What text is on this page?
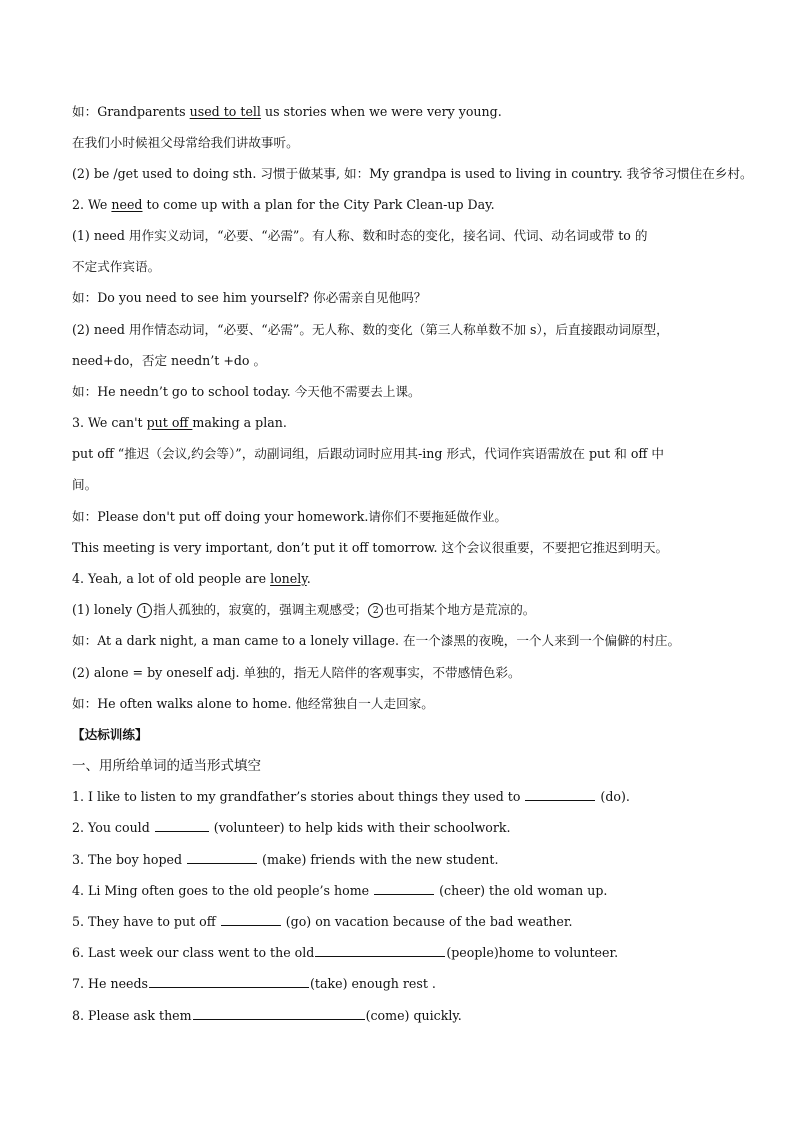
如：Grandparents used to tell us stories when we were very young.
在我们小时候祖父母常给我们讲故事听。
(2) be /get used to doing sth. 习惯于做某事, 如：My grandpa is used to living in country. 我爷爷习惯住在乡村。
2. We need to come up with a plan for the City Park Clean-up Day.
(1) need 用作实义动词，“必要、“必需”。有人称、数和时态的变化，接名词、代词、动名词或带 to 的
不定式作宾语。
如：Do you need to see him yourself? 你必需亲自见他吗？
(2) need 用作情态动词，“必要、“必需”。无人称、数的变化（第三人称单数不加 s），后直接跟动词原型，
need+do，否定 needn’t +do 。
如：He needn’t go to school today. 今天他不需要去上课。
3. We can't put off making a plan.
put off “推迟（会议,约会等）”，动副词组，后跟动词时应用其-ing 形式，代词作宾语需放在 put 和 off 中
间。
如：Please don't put off doing your homework.请你们不要拖延做作业。
This meeting is very important, don’t put it off tomorrow. 这个会议很重要，不要把它推迟到明天。
4. Yeah, a lot of old people are lonely.
(1) lonely 1 指人孤独的，寂寞的，强调主观感受； 2 也可指某个地方是荒凉的。
如：At a dark night, a man came to a lonely village. 在一个漆黑的夜晚，一个人来到一个偏僻的村庄。
(2) alone = by oneself adj. 单独的，指无人陪伴的客观事实，不带感情色彩。
如：He often walks alone to home. 他经常独自一人走回家。
【达标训练】
一、用所给单词的适当形式填空
1. I like to listen to my grandfather’s stories about things they used to	(do).
2. You could	(volunteer) to help kids with their schoolwork.
3. The boy hoped	(make) friends with the new student.
4. Li Ming often goes to the old people’s home	(cheer) the old woman up.
5. They have to put off	(go) on vacation because of the bad weather.
6. Last week our class went to the old	(people)home to volunteer.
7. He needs	(take) enough rest .
8. Please ask them	(come) quickly.
